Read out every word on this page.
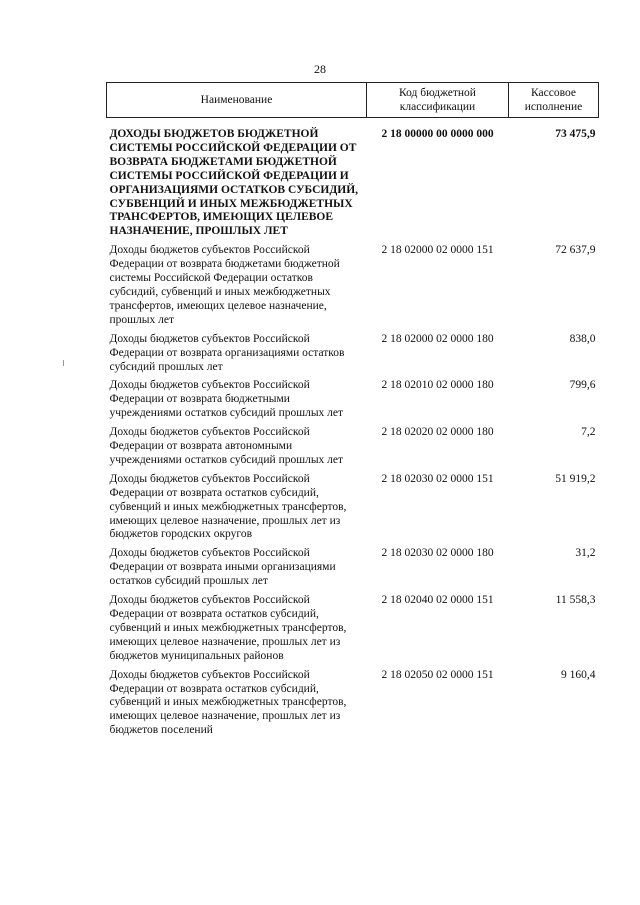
28
Наименование	Код бюджетной классификации	Кассовое исполнение
ДОХОДЫ БЮДЖЕТОВ БЮДЖЕТНОЙ СИСТЕМЫ РОССИЙСКОЙ ФЕДЕРАЦИИ ОТ ВОЗВРАТА БЮДЖЕТАМИ БЮДЖЕТНОЙ СИСТЕМЫ РОССИЙСКОЙ ФЕДЕРАЦИИ И ОРГАНИЗАЦИЯМИ ОСТАТКОВ СУБСИДИЙ, СУБВЕНЦИЙ И ИНЫХ МЕЖБЮДЖЕТНЫХ ТРАНСФЕРТОВ, ИМЕЮЩИХ ЦЕЛЕВОЕ НАЗНАЧЕНИЕ, ПРОШЛЫХ ЛЕТ	2 18 00000 00 0000 000	73 475,9
Доходы бюджетов субъектов Российской Федерации от возврата бюджетами бюджетной системы Российской Федерации остатков субсидий, субвенций и иных межбюджетных трансфертов, имеющих целевое назначение, прошлых лет	2 18 02000 02 0000 151	72 637,9
Доходы бюджетов субъектов Российской Федерации от возврата организациями остатков субсидий прошлых лет	2 18 02000 02 0000 180	838,0
Доходы бюджетов субъектов Российской Федерации от возврата бюджетными учреждениями остатков субсидий прошлых лет	2 18 02010 02 0000 180	799,6
Доходы бюджетов субъектов Российской Федерации от возврата автономными учреждениями остатков субсидий прошлых лет	2 18 02020 02 0000 180	7,2
Доходы бюджетов субъектов Российской Федерации от возврата остатков субсидий, субвенций и иных межбюджетных трансфертов, имеющих целевое назначение, прошлых лет из бюджетов городских округов	2 18 02030 02 0000 151	51 919,2
Доходы бюджетов субъектов Российской Федерации от возврата иными организациями остатков субсидий прошлых лет	2 18 02030 02 0000 180	31,2
Доходы бюджетов субъектов Российской Федерации от возврата остатков субсидий, субвенций и иных межбюджетных трансфертов, имеющих целевое назначение, прошлых лет из бюджетов муниципальных районов	2 18 02040 02 0000 151	11 558,3
Доходы бюджетов субъектов Российской Федерации от возврата остатков субсидий, субвенций и иных межбюджетных трансфертов, имеющих целевое назначение, прошлых лет из бюджетов поселений	2 18 02050 02 0000 151	9 160,4
